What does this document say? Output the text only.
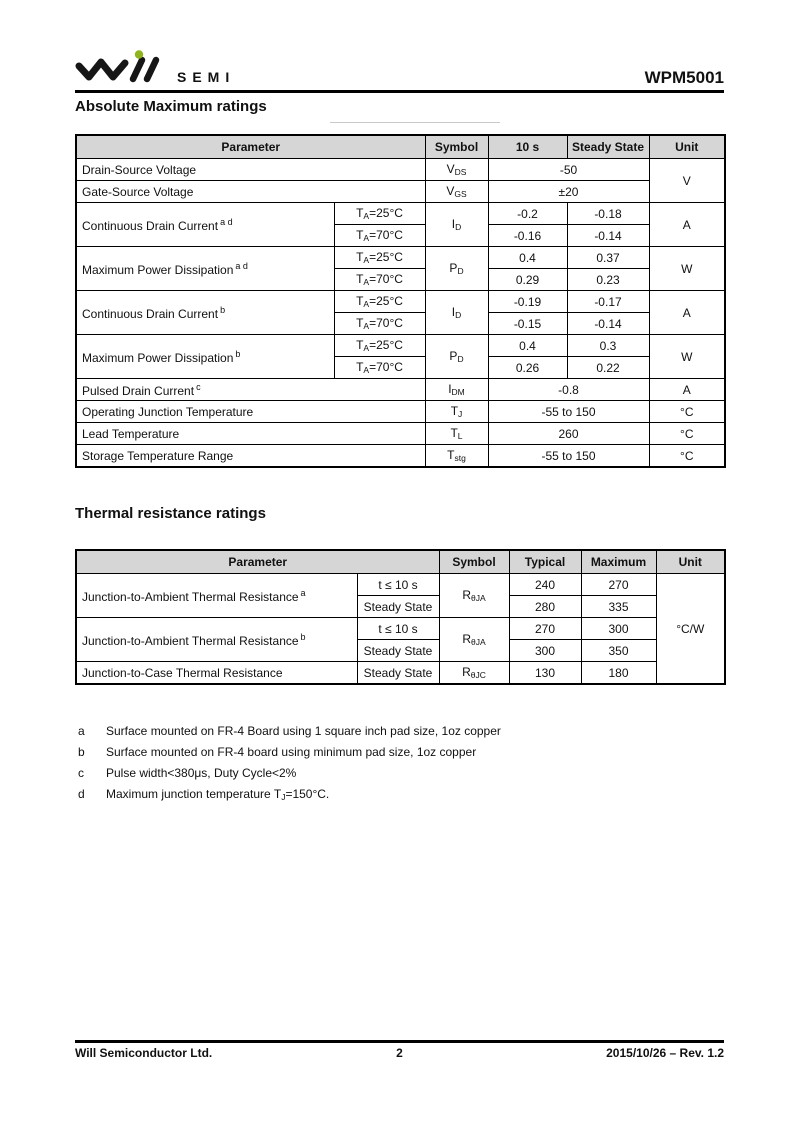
SEMI	WPM5001
Absolute Maximum ratings
Parameter		Symbol	10 s	Steady State	Unit
Drain-Source Voltage		$V_{DS}$	-50		V
Gate-Source Voltage		$V_{GS}$	±20		
Continuous Drain Current $^{a d}$	$T_A=25^\circ C$	$I_D$	-0.2	-0.18	A
	$T_A=70^\circ C$		-0.16	-0.14	
Maximum Power Dissipation $^{a d}$	$T_A=25^\circ C$	$P_D$	0.4	0.37	W
	$T_A=70^\circ C$		0.29	0.23	
Continuous Drain Current $^b$	$T_A=25^\circ C$	$I_D$	-0.19	-0.17	A
	$T_A=70^\circ C$		-0.15	-0.14	
Maximum Power Dissipation $^b$	$T_A=25^\circ C$	$P_D$	0.4	0.3	W
	$T_A=70^\circ C$		0.26	0.22	
Pulsed Drain Current $^c$		$I_{DM}$	-0.8		A
Operating Junction Temperature		$T_J$	-55 to 150		°C
Lead Temperature		$T_L$	260		°C
Storage Temperature Range		$T_{stg}$	-55 to 150		°C
Thermal resistance ratings
Parameter		Symbol	Typical	Maximum	Unit
Junction-to-Ambient Thermal Resistance $^a$	t ≤ 10 s	$R_{\theta JA}$	240	270	°C/W
	Steady State		280	335	
Junction-to-Ambient Thermal Resistance $^b$	t ≤ 10 s	$R_{\theta JA}$	270	300	
	Steady State		300	350	
Junction-to-Case Thermal Resistance	Steady State	$R_{\theta JC}$	130	180	
a	Surface mounted on FR-4 Board using 1 square inch pad size, 1oz copper
b	Surface mounted on FR-4 board using minimum pad size, 1oz copper
c	Pulse width<380μs, Duty Cycle<2%
d	Maximum junction temperature $T_J=150^\circ C$.
Will Semiconductor Ltd.	2	2015/10/26 – Rev. 1.2
